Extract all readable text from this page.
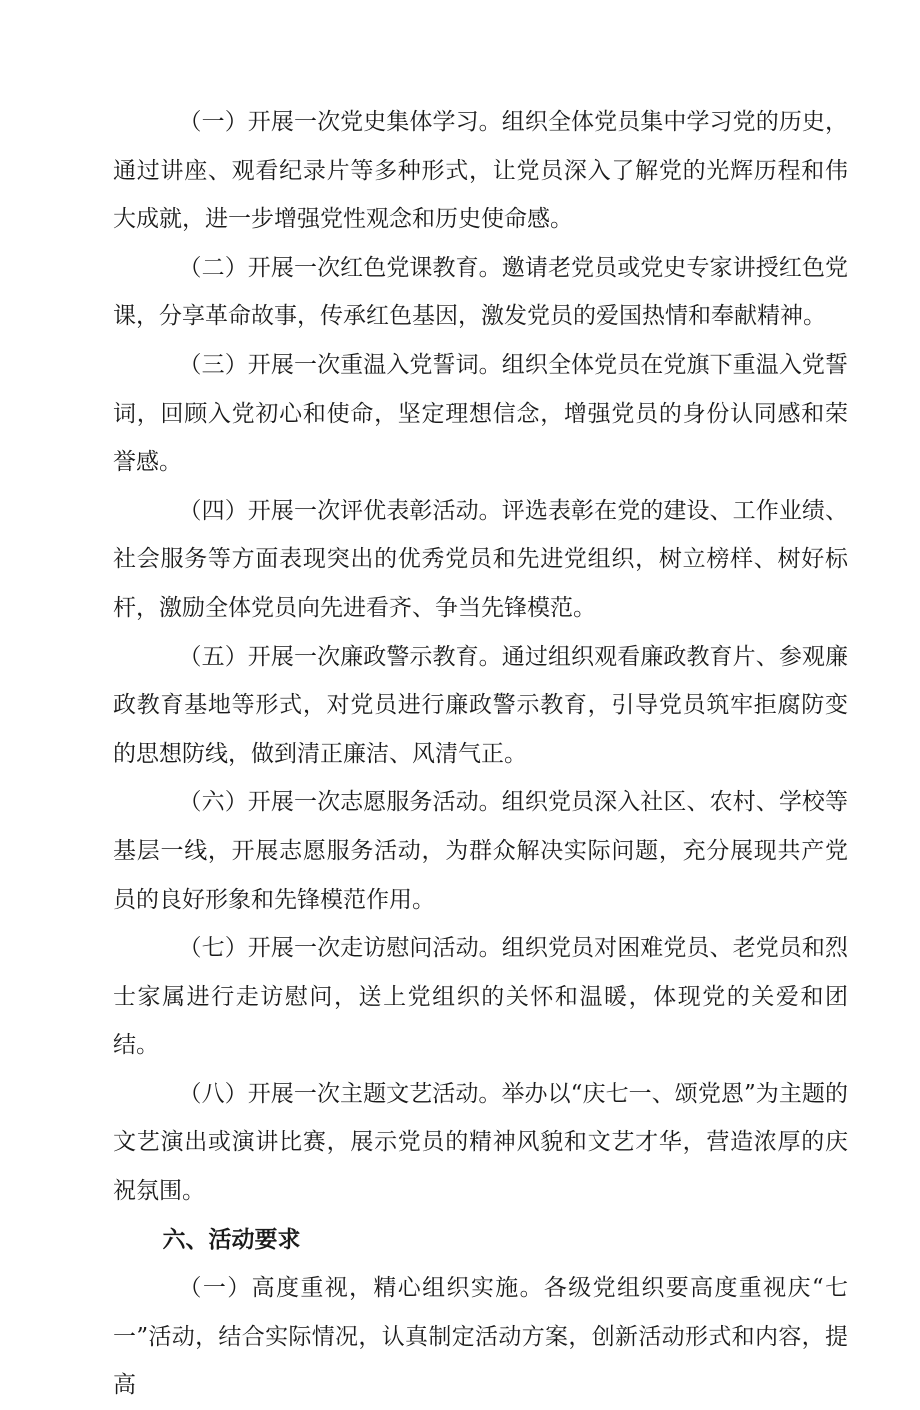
（一）开展一次党史集体学习。组织全体党员集中学习党的历史，通过讲座、观看纪录片等多种形式，让党员深入了解党的光辉历程和伟大成就，进一步增强党性观念和历史使命感。

（二）开展一次红色党课教育。邀请老党员或党史专家讲授红色党课，分享革命故事，传承红色基因，激发党员的爱国热情和奉献精神。

（三）开展一次重温入党誓词。组织全体党员在党旗下重温入党誓词，回顾入党初心和使命，坚定理想信念，增强党员的身份认同感和荣誉感。

（四）开展一次评优表彰活动。评选表彰在党的建设、工作业绩、社会服务等方面表现突出的优秀党员和先进党组织，树立榜样、树好标杆，激励全体党员向先进看齐、争当先锋模范。

（五）开展一次廉政警示教育。通过组织观看廉政教育片、参观廉政教育基地等形式，对党员进行廉政警示教育，引导党员筑牢拒腐防变的思想防线，做到清正廉洁、风清气正。

（六）开展一次志愿服务活动。组织党员深入社区、农村、学校等基层一线，开展志愿服务活动，为群众解决实际问题，充分展现共产党员的良好形象和先锋模范作用。

（七）开展一次走访慰问活动。组织党员对困难党员、老党员和烈士家属进行走访慰问，送上党组织的关怀和温暖，体现党的关爱和团结。

（八）开展一次主题文艺活动。举办以“庆七一、颂党恩”为主题的文艺演出或演讲比赛，展示党员的精神风貌和文艺才华，营造浓厚的庆祝氛围。

六、活动要求

（一）高度重视，精心组织实施。各级党组织要高度重视庆“七一”活动，结合实际情况，认真制定活动方案，创新活动形式和内容，提高
